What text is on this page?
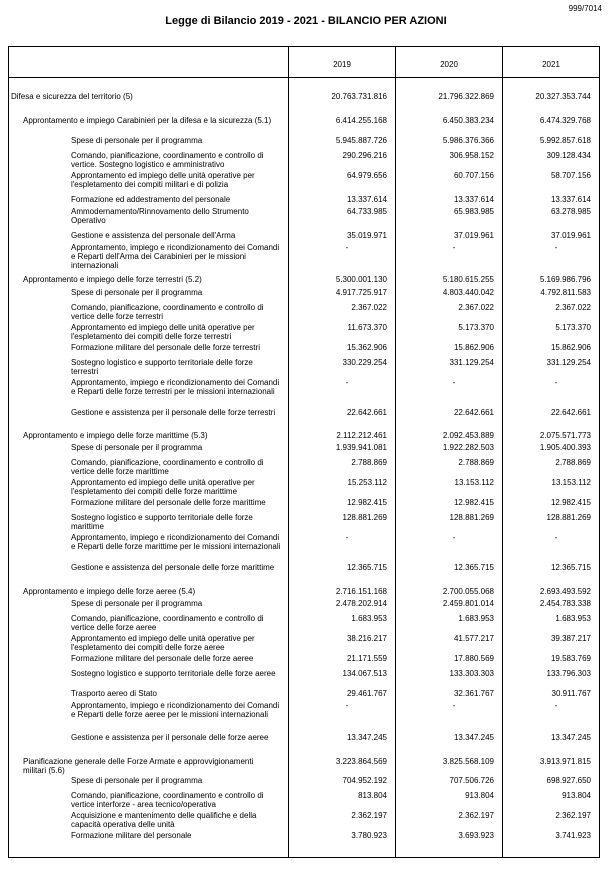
999/7014
Legge di Bilancio 2019 - 2021 - BILANCIO PER AZIONI
2019	2020	2021
Difesa e sicurezza del territorio (5)	20.763.731.816	21.796.322.869	20.327.353.744
Approntamento e impiego Carabinieri per la difesa e la sicurezza (5.1)	6.414.255.168	6.450.383.234	6.474.329.768
Spese di personale per il programma	5.945.887.726	5.986.376.366	5.992.857.618
Comando, pianificazione, coordinamento e controllo di vertice. Sostegno logistico e amministrativo
290.296.216	306.958.152	309.128.434
Approntamento ed impiego delle unità operative per l'espletamento dei compiti militari e di polizia
64.979.656	60.707.156	58.707.156
Formazione ed addestramento del personale	13.337.614	13.337.614	13.337.614
Ammodernamento/Rinnovamento dello Strumento Operativo
64.733.985	65.983.985	63.278.985
Gestione e assistenza del personale dell'Arma	35.019.971	37.019.961	37.019.961
Approntamento, impiego e ricondizionamento dei Comandi e Reparti dell'Arma dei Carabinieri per le missioni internazionali
-	-	-
Approntamento e impiego delle forze terrestri (5.2)	5.300.001.130	5.180.615.255	5.169.986.796
Spese di personale per il programma	4.917.725.917	4.803.440.042	4.792.811.583
Comando, pianificazione, coordinamento e controllo di vertice delle forze terrestri
2.367.022	2.367.022	2.367.022
Approntamento ed impiego delle unità operative per l'espletamento dei compiti delle forze terrestri
11.673.370	5.173.370	5.173.370
Formazione militare del personale delle forze terrestri	15.362.906	15.862.906	15.862.906
Sostegno logistico e supporto territoriale delle forze terrestri
330.229.254	331.129.254	331.129.254
Approntamento, impiego e ricondizionamento dei Comandi e Reparti delle forze terrestri per le missioni internazionali
-	-	-
Gestione e assistenza per il personale delle forze terrestri	22.642.661	22.642.661	22.642.661
Approntamento e impiego delle forze marittime (5.3)	2.112.212.461	2.092.453.889	2.075.571.773
Spese di personale per il programma	1.939.941.081	1.922.282.503	1.905.400.393
Comando, pianificazione, coordinamento e controllo di vertice delle forze marittime
2.788.869	2.788.869	2.788.869
Approntamento ed impiego delle unità operative per l'espletamento dei compiti delle forze marittime
15.253.112	13.153.112	13.153.112
Formazione militare del personale delle forze marittime	12.982.415	12.982.415	12.982.415
Sostegno logistico e supporto territoriale delle forze marittime
128.881.269	128.881.269	128.881.269
Approntamento, impiego e ricondizionamento dei Comandi e Reparti delle forze marittime per le missioni internazionali
-	-	-
Gestione e assistenza del personale delle forze marittime	12.365.715	12.365.715	12.365.715
Approntamento e impiego delle forze aeree (5.4)	2.716.151.168	2.700.055.068	2.693.493.592
Spese di personale per il programma	2.478.202.914	2.459.801.014	2.454.783.338
Comando, pianificazione, coordinamento e controllo di vertice delle forze aeree
1.683.953	1.683.953	1.683.953
Approntamento ed impiego delle unità operative per l'espletamento dei compiti delle forze aeree
38.216.217	41.577.217	39.387.217
Formazione militare del personale delle forze aeree	21.171.559	17.880.569	19.583.769
Sostegno logistico e supporto territoriale delle forze aeree	134.067.513	133.303.303	133.796.303
Trasporto aereo di Stato	29.461.767	32.361.767	30.911.767
Approntamento, impiego e ricondizionamento dei Comandi e Reparti delle forze aeree per le missioni internazionali
-	-	-
Gestione e assistenza per il personale delle forze aeree	13.347.245	13.347.245	13.347.245
Pianificazione generale delle Forze Armate e approvvigionamenti militari (5.6)
3.223.864.569	3.825.568.109	3.913.971.815
Spese di personale per il programma	704.952.192	707.506.726	698.927.650
Comando, pianificazione, coordinamento e controllo di vertice interforze - area tecnico/operativa
813.804	913.804	913.804
Acquisizione e mantenimento delle qualifiche e della capacità operativa delle unità
2.362.197	2.362.197	2.362.197
Formazione militare del personale	3.780.923	3.693.923	3.741.923
